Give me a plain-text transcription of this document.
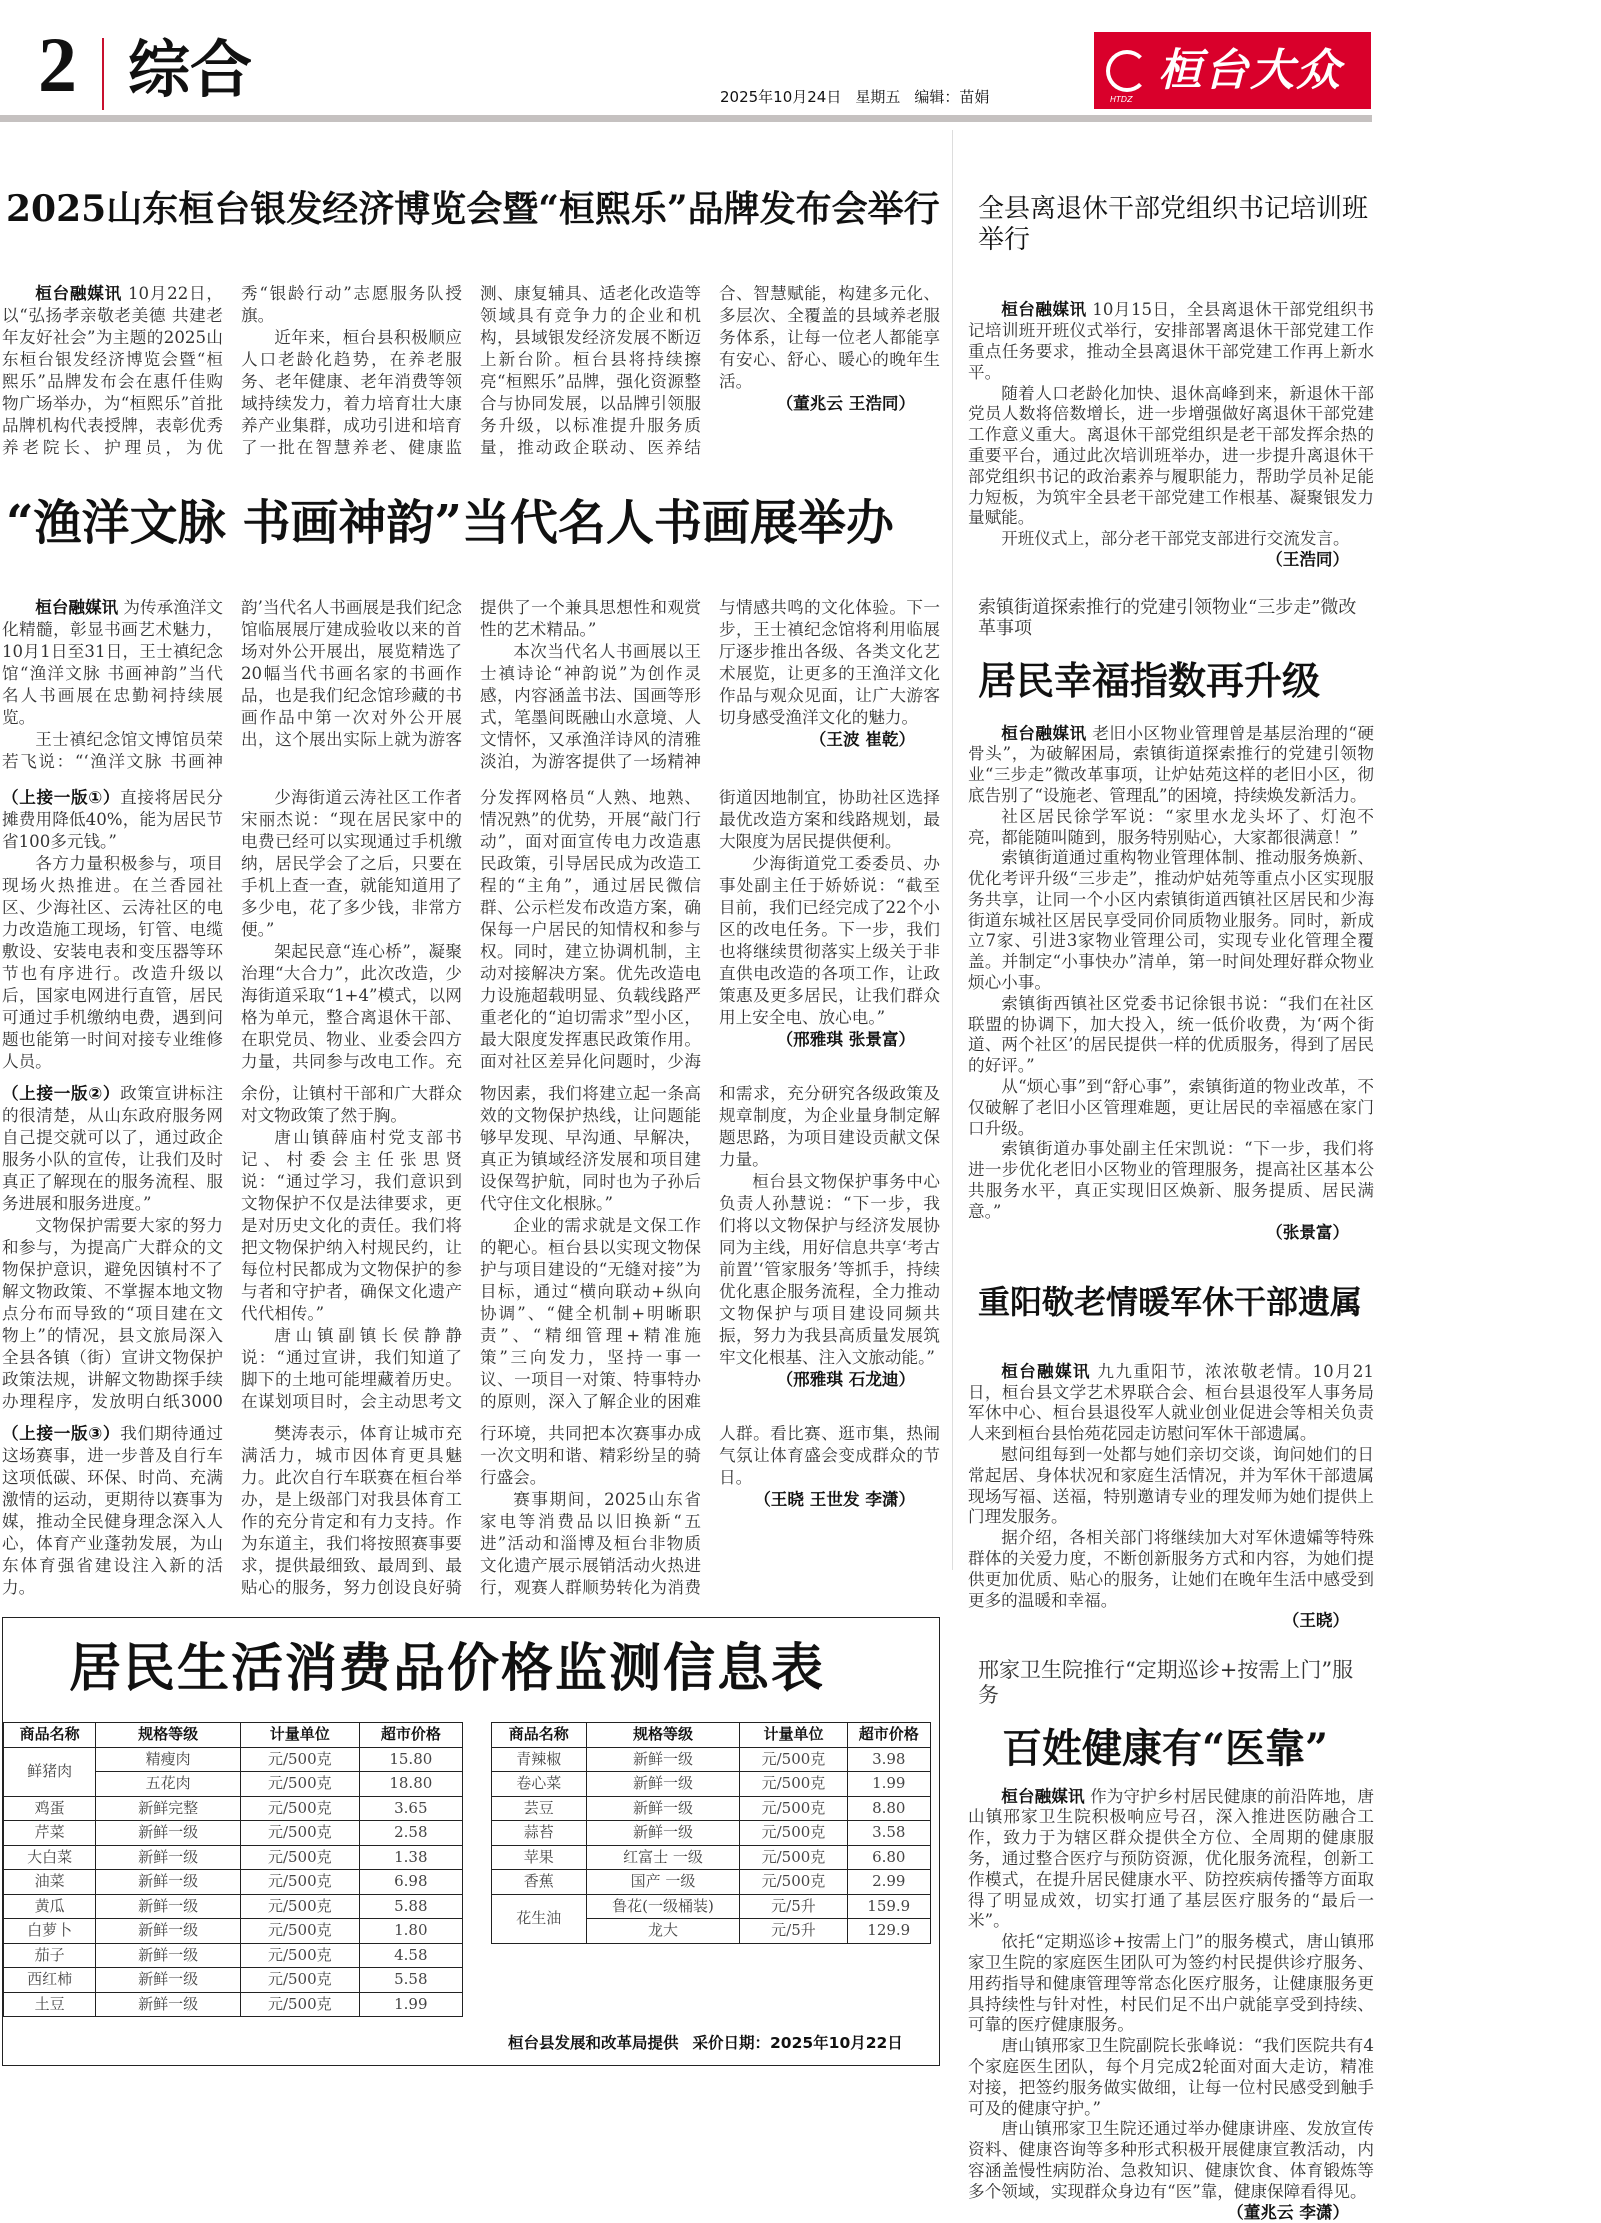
2 综合	2025年10月24日 星期五 编辑：苗娟	HTDZ
桓台大众
2025山东桓台银发经济博览会暨“桓熙乐”品牌发布会举行

桓台融媒讯 10月22日，以“弘扬孝亲敬老美德 共建老年友好社会”为主题的2025山东桓台银发经济博览会暨“桓熙乐”品牌发布会在惠仟佳购物广场举办，为“桓熙乐”首批品牌机构代表授牌，表彰优秀养老院长、护理员，为优秀“银龄行动”志愿服务队授旗。

近年来，桓台县积极顺应人口老龄化趋势，在养老服务、老年健康、老年消费等领域持续发力，着力培育壮大康养产业集群，成功引进和培育了一批在智慧养老、健康监测、康复辅具、适老化改造等领域具有竞争力的企业和机构，县域银发经济发展不断迈上新台阶。桓台县将持续擦亮“桓熙乐”品牌，强化资源整合与协同发展，以品牌引领服务升级，以标准提升服务质量，推动政企联动、医养结合、智慧赋能，构建多元化、多层次、全覆盖的县域养老服务体系，让每一位老人都能享有安心、舒心、暖心的晚年生活。

（董兆云 王浩同）
“渔洋文脉 书画神韵”当代名人书画展举办

桓台融媒讯 为传承渔洋文化精髓，彰显书画艺术魅力，10月1日至31日，王士禛纪念馆“渔洋文脉 书画神韵”当代名人书画展在忠勤祠持续展览。

王士禛纪念馆文博馆员荣若飞说：“‘渔洋文脉 书画神韵’当代名人书画展是我们纪念馆临展展厅建成验收以来的首场对外公开展出，展览精选了20幅当代书画名家的书画作品，也是我们纪念馆珍藏的书画作品中第一次对外公开展出，这个展出实际上就为游客提供了一个兼具思想性和观赏性的艺术精品。”

本次当代名人书画展以王士禛诗论“神韵说”为创作灵感，内容涵盖书法、国画等形式，笔墨间既融山水意境、人文情怀，又承渔洋诗风的清雅淡泊，为游客提供了一场精神与情感共鸣的文化体验。下一步，王士禛纪念馆将利用临展厅逐步推出各级、各类文化艺术展览，让更多的王渔洋文化作品与观众见面，让广大游客切身感受渔洋文化的魅力。

（王波 崔乾）

（上接一版①）直接将居民分摊费用降低40%，能为居民节省100多元钱。”

各方力量积极参与，项目现场火热推进。在兰香园社区、少海社区、云涛社区的电力改造施工现场，钉管、电缆敷设、安装电表和变压器等环节也有序进行。改造升级以后，国家电网进行直管，居民可通过手机缴纳电费，遇到问题也能第一时间对接专业维修人员。

少海街道云涛社区工作者宋丽杰说：“现在居民家中的电费已经可以实现通过手机缴纳，居民学会了之后，只要在手机上查一查，就能知道用了多少电，花了多少钱，非常方便。”

架起民意“连心桥”，凝聚治理“大合力”，此次改造，少海街道采取“1+4”模式，以网格为单元，整合离退休干部、在职党员、物业、业委会四方力量，共同参与改电工作。充分发挥网格员“人熟、地熟、情况熟”的优势，开展“敲门行动”，面对面宣传电力改造惠民政策，引导居民成为改造工程的“主角”，通过居民微信群、公示栏发布改造方案，确保每一户居民的知情权和参与权。同时，建立协调机制，主动对接解决方案。优先改造电力设施超载明显、负载线路严重老化的“迫切需求”型小区，最大限度发挥惠民政策作用。面对社区差异化问题时，少海街道因地制宜，协助社区选择最优改造方案和线路规划，最大限度为居民提供便利。

少海街道党工委委员、办事处副主任于娇娇说：“截至目前，我们已经完成了22个小区的改电任务。下一步，我们也将继续贯彻落实上级关于非直供电改造的各项工作，让政策惠及更多居民，让我们群众用上安全电、放心电。”

（邢雅琪 张景富）

（上接一版②）政策宣讲标注的很清楚，从山东政府服务网自己提交就可以了，通过政企服务小队的宣传，让我们及时真正了解现在的服务流程、服务进展和服务进度。”

文物保护需要大家的努力和参与，为提高广大群众的文物保护意识，避免因镇村不了解文物政策、不掌握本地文物点分布而导致的“项目建在文物上”的情况，县文旅局深入全县各镇（街）宣讲文物保护政策法规，讲解文物勘探手续办理程序，发放明白纸3000余份，让镇村干部和广大群众对文物政策了然于胸。

唐山镇薛庙村党支部书记、村委会主任张思贤说：“通过学习，我们意识到文物保护不仅是法律要求，更是对历史文化的责任。我们将把文物保护纳入村规民约，让每位村民都成为文物保护的参与者和守护者，确保文化遗产代代相传。”

唐山镇副镇长侯静静说：“通过宣讲，我们知道了脚下的土地可能埋藏着历史。在谋划项目时，会主动思考文物因素，我们将建立起一条高效的文物保护热线，让问题能够早发现、早沟通、早解决，真正为镇域经济发展和项目建设保驾护航，同时也为子孙后代守住文化根脉。”

企业的需求就是文保工作的靶心。桓台县以实现文物保护与项目建设的“无缝对接”为目标，通过“横向联动+纵向协调”、“健全机制+明晰职责”、“精细管理+精准施策”三向发力，坚持一事一议、一项目一对策、特事特办的原则，深入了解企业的困难和需求，充分研究各级政策及规章制度，为企业量身制定解题思路，为项目建设贡献文保力量。

桓台县文物保护事务中心负责人孙慧说：“下一步，我们将以文物保护与经济发展协同为主线，用好信息共享‘考古前置’‘管家服务’等抓手，持续优化惠企服务流程，全力推动文物保护与项目建设同频共振，努力为我县高质量发展筑牢文化根基、注入文旅动能。”

（邢雅琪 石龙迪）

（上接一版③）我们期待通过这场赛事，进一步普及自行车这项低碳、环保、时尚、充满激情的运动，更期待以赛事为媒，推动全民健身理念深入人心，体育产业蓬勃发展，为山东体育强省建设注入新的活力。

樊涛表示，体育让城市充满活力，城市因体育更具魅力。此次自行车联赛在桓台举办，是上级部门对我县体育工作的充分肯定和有力支持。作为东道主，我们将按照赛事要求，提供最细致、最周到、最贴心的服务，努力创设良好骑行环境，共同把本次赛事办成一次文明和谐、精彩纷呈的骑行盛会。

赛事期间，2025山东省家电等消费品以旧换新“五进”活动和淄博及桓台非物质文化遗产展示展销活动火热进行，观赛人群顺势转化为消费人群。看比赛、逛市集，热闹气氛让体育盛会变成群众的节日。

（王晓 王世发 李潇）
居民生活消费品价格监测信息表
商品名称	规格等级	计量单位	超市价格
鲜猪肉	精瘦肉	元/500克	15.80
	五花肉	元/500克	18.80
鸡蛋	新鲜完整	元/500克	3.65
芹菜	新鲜一级	元/500克	2.58
大白菜	新鲜一级	元/500克	1.38
油菜	新鲜一级	元/500克	6.98
黄瓜	新鲜一级	元/500克	5.88
白萝卜	新鲜一级	元/500克	1.80
茄子	新鲜一级	元/500克	4.58
西红柿	新鲜一级	元/500克	5.58
土豆	新鲜一级	元/500克	1.99
商品名称	规格等级	计量单位	超市价格
青辣椒	新鲜一级	元/500克	3.98
卷心菜	新鲜一级	元/500克	1.99
芸豆	新鲜一级	元/500克	8.80
蒜苔	新鲜一级	元/500克	3.58
苹果	红富士 一级	元/500克	6.80
香蕉	国产 一级	元/500克	2.99
花生油	鲁花(一级桶装)	元/5升	159.9
	龙大	元/5升	129.9
桓台县发展和改革局提供 采价日期：2025年10月22日
全县离退休干部党组织书记培训班举行

桓台融媒讯 10月15日，全县离退休干部党组织书记培训班开班仪式举行，安排部署离退休干部党建工作重点任务要求，推动全县离退休干部党建工作再上新水平。

随着人口老龄化加快、退休高峰到来，新退休干部党员人数将倍数增长，进一步增强做好离退休干部党建工作意义重大。离退休干部党组织是老干部发挥余热的重要平台，通过此次培训班举办，进一步提升离退休干部党组织书记的政治素养与履职能力，帮助学员补足能力短板，为筑牢全县老干部党建工作根基、凝聚银发力量赋能。

开班仪式上，部分老干部党支部进行交流发言。

（王浩同）
索镇街道探索推行的党建引领物业“三步走”微改革事项
居民幸福指数再升级

桓台融媒讯 老旧小区物业管理曾是基层治理的“硬骨头”，为破解困局，索镇街道探索推行的党建引领物业“三步走”微改革事项，让炉姑苑这样的老旧小区，彻底告别了“设施老、管理乱”的困境，持续焕发新活力。

社区居民徐学军说：“家里水龙头坏了、灯泡不亮，都能随叫随到，服务特别贴心，大家都很满意！”

索镇街道通过重构物业管理体制、推动服务焕新、优化考评升级“三步走”，推动炉姑苑等重点小区实现服务共享，让同一个小区内索镇街道西镇社区居民和少海街道东城社区居民享受同价同质物业服务。同时，新成立7家、引进3家物业管理公司，实现专业化管理全覆盖。并制定“小事快办”清单，第一时间处理好群众物业烦心小事。

索镇街西镇社区党委书记徐银书说：“我们在社区联盟的协调下，加大投入，统一低价收费，为‘两个街道、两个社区’的居民提供一样的优质服务，得到了居民的好评。”

从“烦心事”到“舒心事”，索镇街道的物业改革，不仅破解了老旧小区管理难题，更让居民的幸福感在家门口升级。

索镇街道办事处副主任宋凯说：“下一步，我们将进一步优化老旧小区物业的管理服务，提高社区基本公共服务水平，真正实现旧区焕新、服务提质、居民满意。”

（张景富）
重阳敬老情暖军休干部遗属

桓台融媒讯 九九重阳节，浓浓敬老情。10月21日，桓台县文学艺术界联合会、桓台县退役军人事务局军休中心、桓台县退役军人就业创业促进会等相关负责人来到桓台县怡苑花园走访慰问军休干部遗属。

慰问组每到一处都与她们亲切交谈，询问她们的日常起居、身体状况和家庭生活情况，并为军休干部遗属现场写福、送福，特别邀请专业的理发师为她们提供上门理发服务。

据介绍，各相关部门将继续加大对军休遗孀等特殊群体的关爱力度，不断创新服务方式和内容，为她们提供更加优质、贴心的服务，让她们在晚年生活中感受到更多的温暖和幸福。

（王晓）
邢家卫生院推行“定期巡诊+按需上门”服务
百姓健康有“医靠”

桓台融媒讯 作为守护乡村居民健康的前沿阵地，唐山镇邢家卫生院积极响应号召，深入推进医防融合工作，致力于为辖区群众提供全方位、全周期的健康服务，通过整合医疗与预防资源，优化服务流程，创新工作模式，在提升居民健康水平、防控疾病传播等方面取得了明显成效，切实打通了基层医疗服务的“最后一米”。

依托“定期巡诊+按需上门”的服务模式，唐山镇邢家卫生院的家庭医生团队可为签约村民提供诊疗服务、用药指导和健康管理等常态化医疗服务，让健康服务更具持续性与针对性，村民们足不出户就能享受到持续、可靠的医疗健康服务。

唐山镇邢家卫生院副院长张峰说：“我们医院共有4个家庭医生团队，每个月完成2轮面对面大走访，精准对接，把签约服务做实做细，让每一位村民感受到触手可及的健康守护。”

唐山镇邢家卫生院还通过举办健康讲座、发放宣传资料、健康咨询等多种形式积极开展健康宣教活动，内容涵盖慢性病防治、急救知识、健康饮食、体育锻炼等多个领域，实现群众身边有“医”靠，健康保障看得见。

（董兆云 李潇）
